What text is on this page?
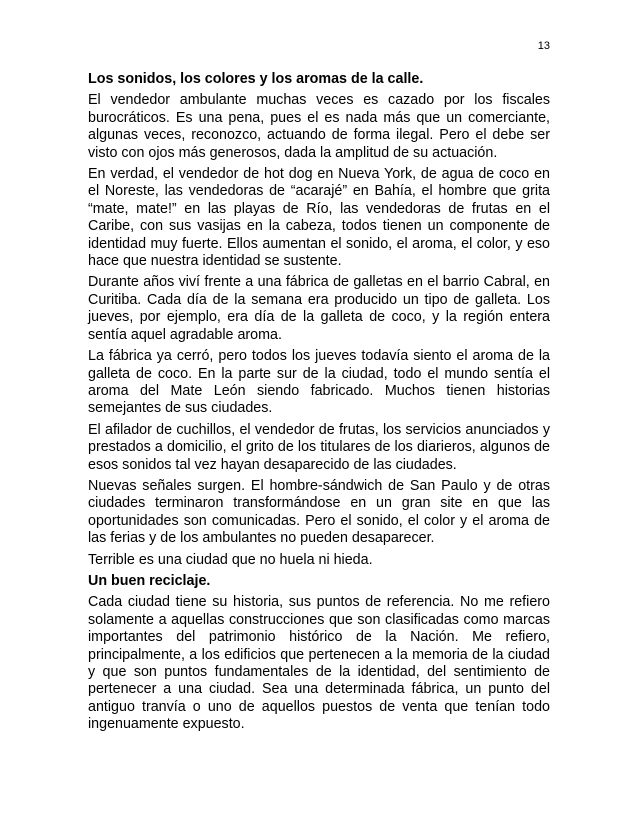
13

Los sonidos, los colores y los aromas de la calle.

El vendedor ambulante muchas veces es cazado por los fiscales burocráticos. Es una pena, pues el es nada más que un comerciante, algunas veces, reconozco, actuando de forma ilegal. Pero el debe ser visto con ojos más generosos, dada la amplitud de su actuación.

En verdad, el vendedor de hot dog en Nueva York, de agua de coco en el Noreste, las vendedoras de “acarajé” en Bahía, el hombre que grita “mate, mate!” en las playas de Río, las vendedoras de frutas en el Caribe, con sus vasijas en la cabeza, todos tienen un componente de identidad muy fuerte. Ellos aumentan el sonido, el aroma, el color, y eso hace que nuestra identidad se sustente.

Durante años viví frente a una fábrica de galletas en el barrio Cabral, en Curitiba. Cada día de la semana era producido un tipo de galleta. Los jueves, por ejemplo, era día de la galleta de coco, y la región entera sentía aquel agradable aroma.

La fábrica ya cerró, pero todos los jueves todavía siento el aroma de la galleta de coco. En la parte sur de la ciudad, todo el mundo sentía el aroma del Mate León siendo fabricado. Muchos tienen historias semejantes de sus ciudades.

El afilador de cuchillos, el vendedor de frutas, los servicios anunciados y prestados a domicilio, el grito de los titulares de los diarieros, algunos de esos sonidos tal vez hayan desaparecido de las ciudades.

Nuevas señales surgen. El hombre-sándwich de San Paulo y de otras ciudades terminaron transformándose en un gran site en que las oportunidades son comunicadas. Pero el sonido, el color y el aroma de las ferias y de los ambulantes no pueden desaparecer.

Terrible es una ciudad que no huela ni hieda.

Un buen reciclaje.

Cada ciudad tiene su historia, sus puntos de referencia. No me refiero solamente a aquellas construcciones que son clasificadas como marcas importantes del patrimonio histórico de la Nación. Me refiero, principalmente, a los edificios que pertenecen a la memoria de la ciudad y que son puntos fundamentales de la identidad, del sentimiento de pertenecer a una ciudad. Sea una determinada fábrica, un punto del antiguo tranvía o uno de aquellos puestos de venta que tenían todo ingenuamente expuesto.
